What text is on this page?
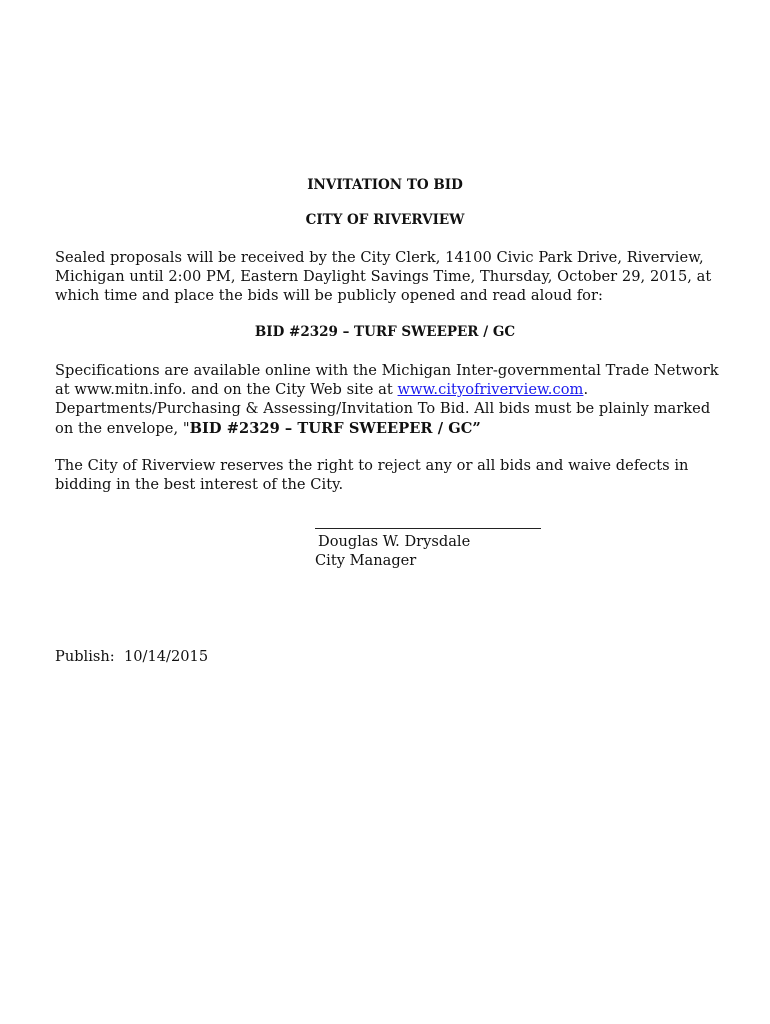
INVITATION TO BID
CITY OF RIVERVIEW
Sealed proposals will be received by the City Clerk, 14100 Civic Park Drive, Riverview,
Michigan until 2:00 PM, Eastern Daylight Savings Time, Thursday, October 29, 2015, at
which time and place the bids will be publicly opened and read aloud for:
BID #2329 – TURF SWEEPER / GC
Specifications are available online with the Michigan Inter-governmental Trade Network
at www.mitn.info. and on the City Web site at www.cityofriverview.com.
Departments/Purchasing & Assessing/Invitation To Bid. All bids must be plainly marked
on the envelope, "BID #2329 – TURF SWEEPER / GC”
The City of Riverview reserves the right to reject any or all bids and waive defects in
bidding in the best interest of the City.
Douglas W. Drysdale
City Manager
Publish: 10/14/2015
